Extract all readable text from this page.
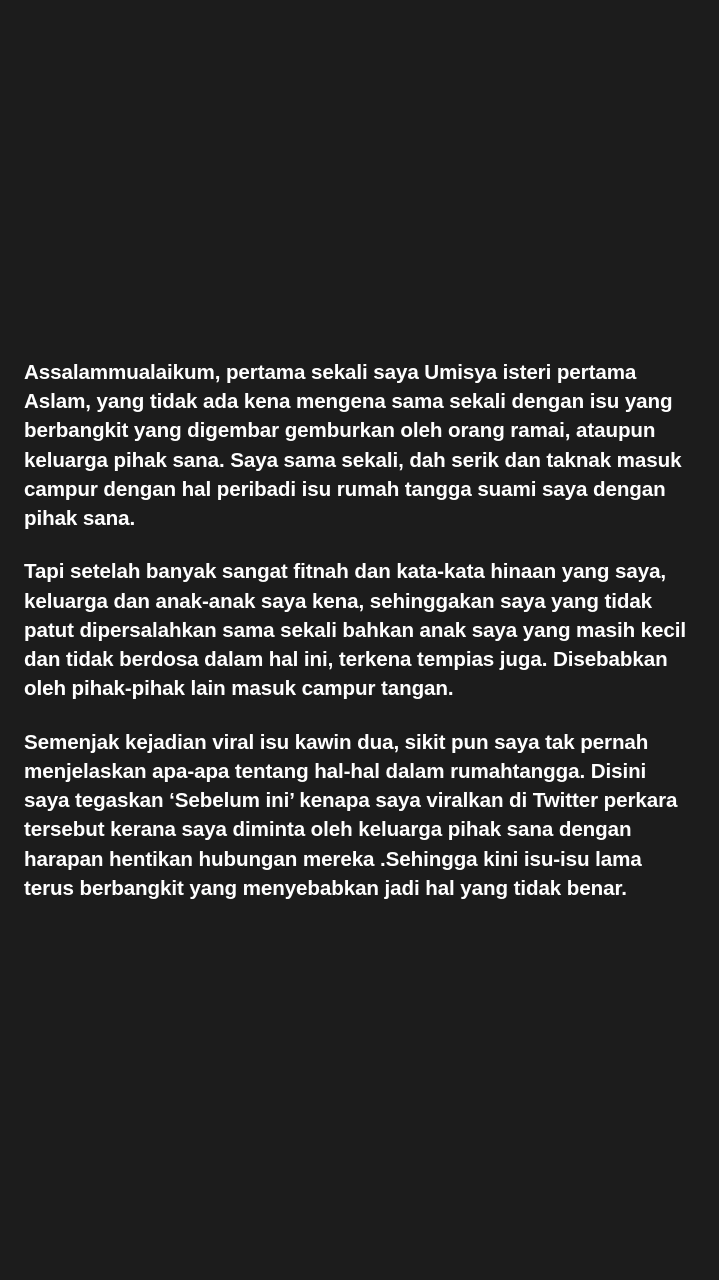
Assalammualaikum, pertama sekali saya Umisya isteri pertama Aslam, yang tidak ada kena mengena sama sekali dengan isu yang berbangkit yang digembar gemburkan oleh orang ramai, ataupun keluarga pihak sana. Saya sama sekali, dah serik dan taknak masuk campur dengan hal peribadi isu rumah tangga suami saya dengan pihak sana.

Tapi setelah banyak sangat fitnah dan kata-kata hinaan yang saya, keluarga dan anak-anak saya kena, sehinggakan saya yang tidak patut dipersalahkan sama sekali bahkan anak saya yang masih kecil dan tidak berdosa dalam hal ini, terkena tempias juga. Disebabkan oleh pihak-pihak lain masuk campur tangan.

Semenjak kejadian viral isu kawin dua, sikit pun saya tak pernah menjelaskan apa-apa tentang hal-hal dalam rumahtangga. Disini saya tegaskan ‘Sebelum ini’ kenapa saya viralkan di Twitter perkara tersebut kerana saya diminta oleh keluarga pihak sana dengan harapan hentikan hubungan mereka .Sehingga kini isu-isu lama terus berbangkit yang menyebabkan jadi hal yang tidak benar.
